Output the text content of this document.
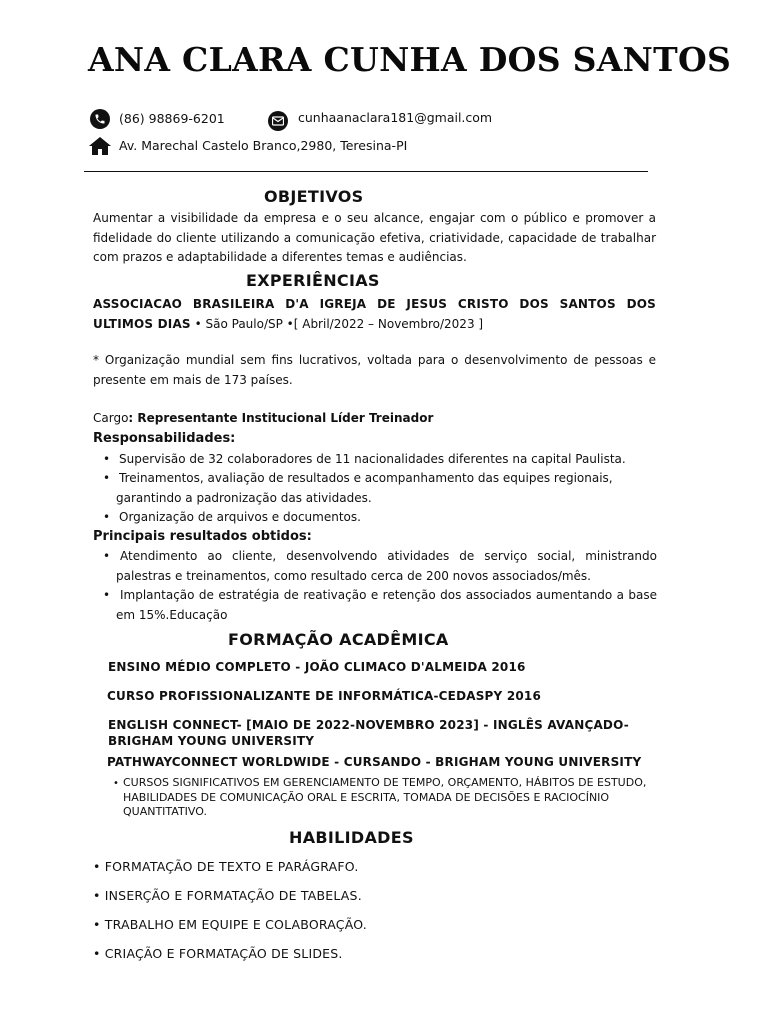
ANA CLARA CUNHA DOS SANTOS
(86) 98869-6201	cunhaanaclara181@gmail.com
Av. Marechal Castelo Branco,2980, Teresina-PI
OBJETIVOS
Aumentar a visibilidade da empresa e o seu alcance, engajar com o público e promover a fidelidade do cliente utilizando a comunicação efetiva, criatividade, capacidade de trabalhar com prazos e adaptabilidade a diferentes temas e audiências.
EXPERIÊNCIAS
ASSOCIACAO BRASILEIRA D'A IGREJA DE JESUS CRISTO DOS SANTOS DOS ULTIMOS DIAS • São Paulo/SP •[ Abril/2022 – Novembro/2023 ]
* Organização mundial sem fins lucrativos, voltada para o desenvolvimento de pessoas e presente em mais de 173 países.
Cargo: Representante Institucional Líder Treinador
Responsabilidades:
• Supervisão de 32 colaboradores de 11 nacionalidades diferentes na capital Paulista.
• Treinamentos, avaliação de resultados e acompanhamento das equipes regionais, garantindo a padronização das atividades.
• Organização de arquivos e documentos.
Principais resultados obtidos:
• Atendimento ao cliente, desenvolvendo atividades de serviço social, ministrando palestras e treinamentos, como resultado cerca de 200 novos associados/mês.
• Implantação de estratégia de reativação e retenção dos associados aumentando a base em 15%.Educação
FORMAÇÃO ACADÊMICA
ENSINO MÉDIO COMPLETO - JOÃO CLIMACO D'ALMEIDA 2016
CURSO PROFISSIONALIZANTE DE INFORMÁTICA-CEDASPY 2016
ENGLISH CONNECT- [MAIO DE 2022-NOVEMBRO 2023] - INGLÊS AVANÇADO- BRIGHAM YOUNG UNIVERSITY
PATHWAYCONNECT WORLDWIDE - CURSANDO - BRIGHAM YOUNG UNIVERSITY
• CURSOS SIGNIFICATIVOS EM GERENCIAMENTO DE TEMPO, ORÇAMENTO, HÁBITOS DE ESTUDO, HABILIDADES DE COMUNICAÇÃO ORAL E ESCRITA, TOMADA DE DECISÕES E RACIOCÍNIO QUANTITATIVO.
HABILIDADES
• FORMATAÇÃO DE TEXTO E PARÁGRAFO.
• INSERÇÃO E FORMATAÇÃO DE TABELAS.
• TRABALHO EM EQUIPE E COLABORAÇÃO.
• CRIAÇÃO E FORMATAÇÃO DE SLIDES.
